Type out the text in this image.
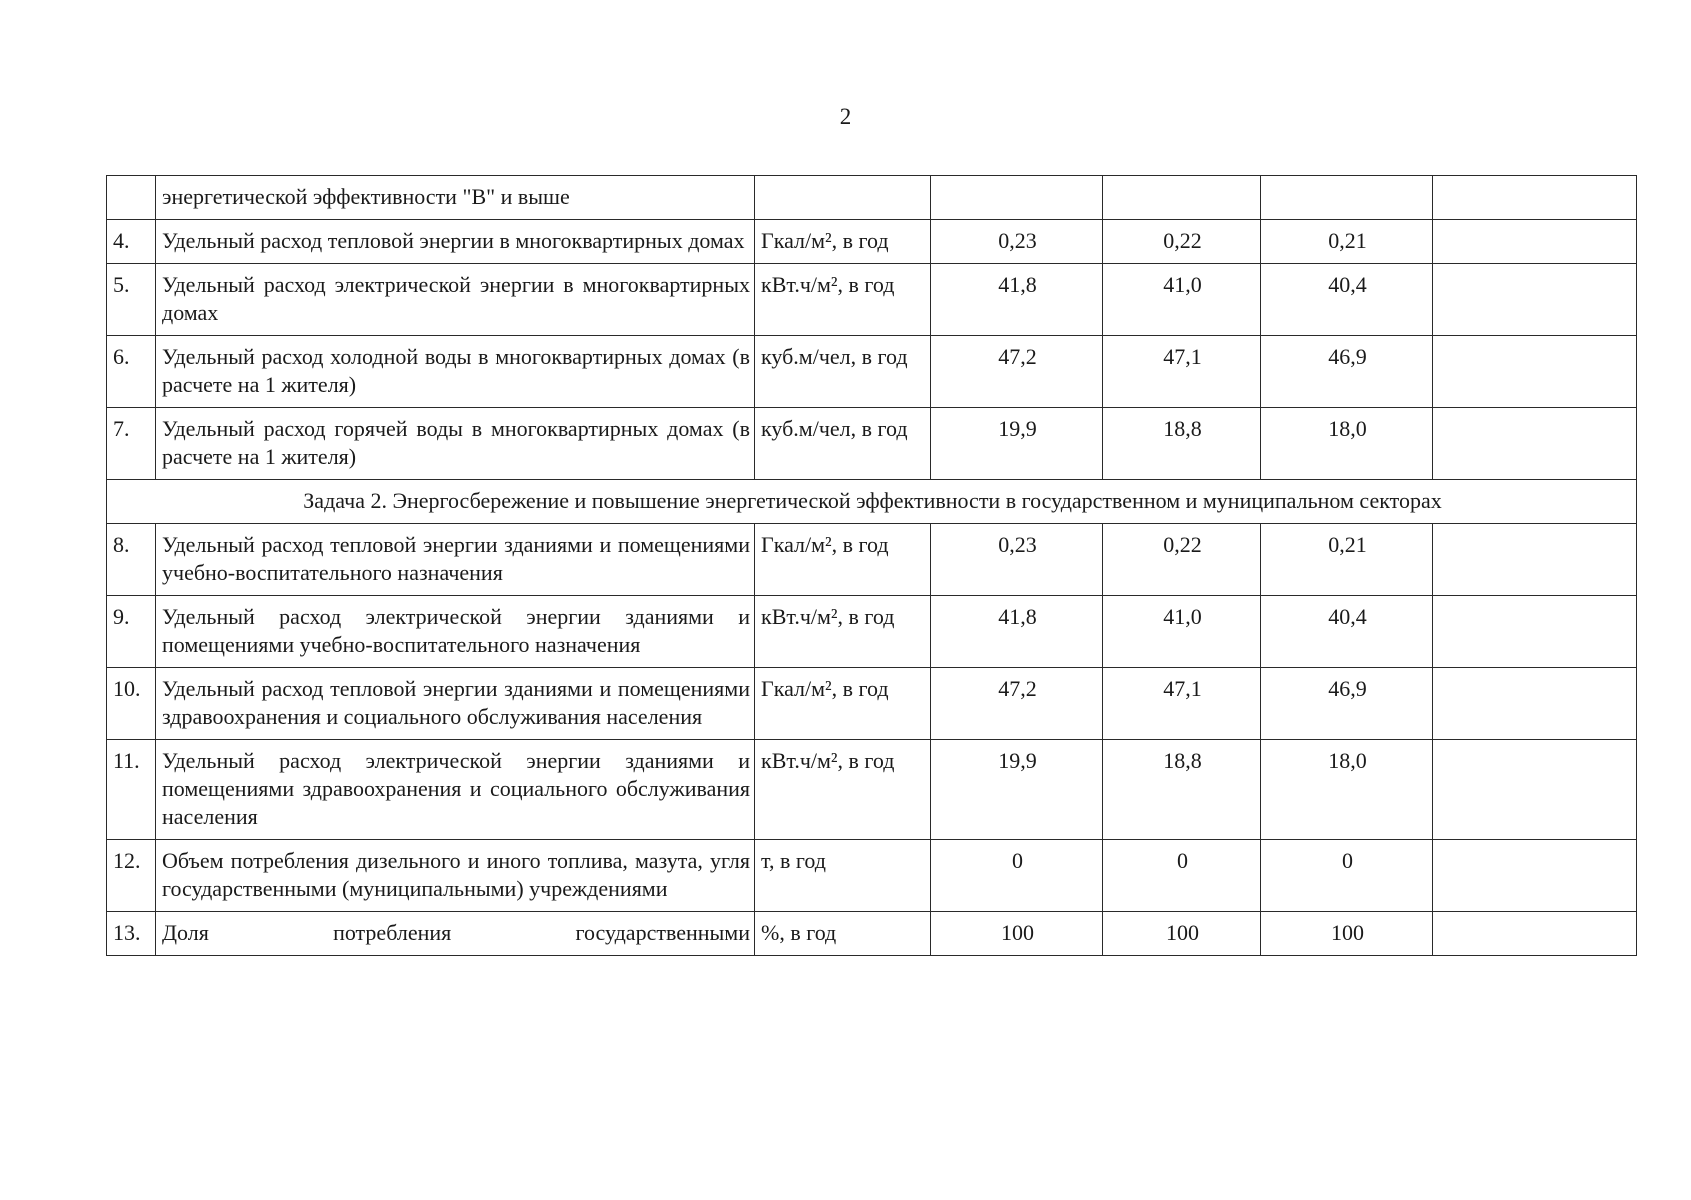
2
	энергетической эффективности "В" и выше					
4.	Удельный расход тепловой энергии в многоквартирных домах	Гкал/м², в год	0,23	0,22	0,21	
5.	Удельный расход электрической энергии в многоквартирных домах	кВт.ч/м², в год	41,8	41,0	40,4	
6.	Удельный расход холодной воды в многоквартирных домах (в расчете на 1 жителя)	куб.м/чел, в год	47,2	47,1	46,9	
7.	Удельный расход горячей воды в многоквартирных домах (в расчете на 1 жителя)	куб.м/чел, в год	19,9	18,8	18,0	
Задача 2. Энергосбережение и повышение энергетической эффективности в государственном и муниципальном секторах						
8.	Удельный расход тепловой энергии зданиями и помещениями учебно-воспитательного назначения	Гкал/м², в год	0,23	0,22	0,21	
9.	Удельный расход электрической энергии зданиями и помещениями учебно-воспитательного назначения	кВт.ч/м², в год	41,8	41,0	40,4	
10.	Удельный расход тепловой энергии зданиями и помещениями здравоохранения и социального обслуживания населения	Гкал/м², в год	47,2	47,1	46,9	
11.	Удельный расход электрической энергии зданиями и помещениями здравоохранения и социального обслуживания населения	кВт.ч/м², в год	19,9	18,8	18,0	
12.	Объем потребления дизельного и иного топлива, мазута, угля государственными (муниципальными) учреждениями	т, в год	0	0	0	
13.	Доля потребления государственными	%, в год	100	100	100	
